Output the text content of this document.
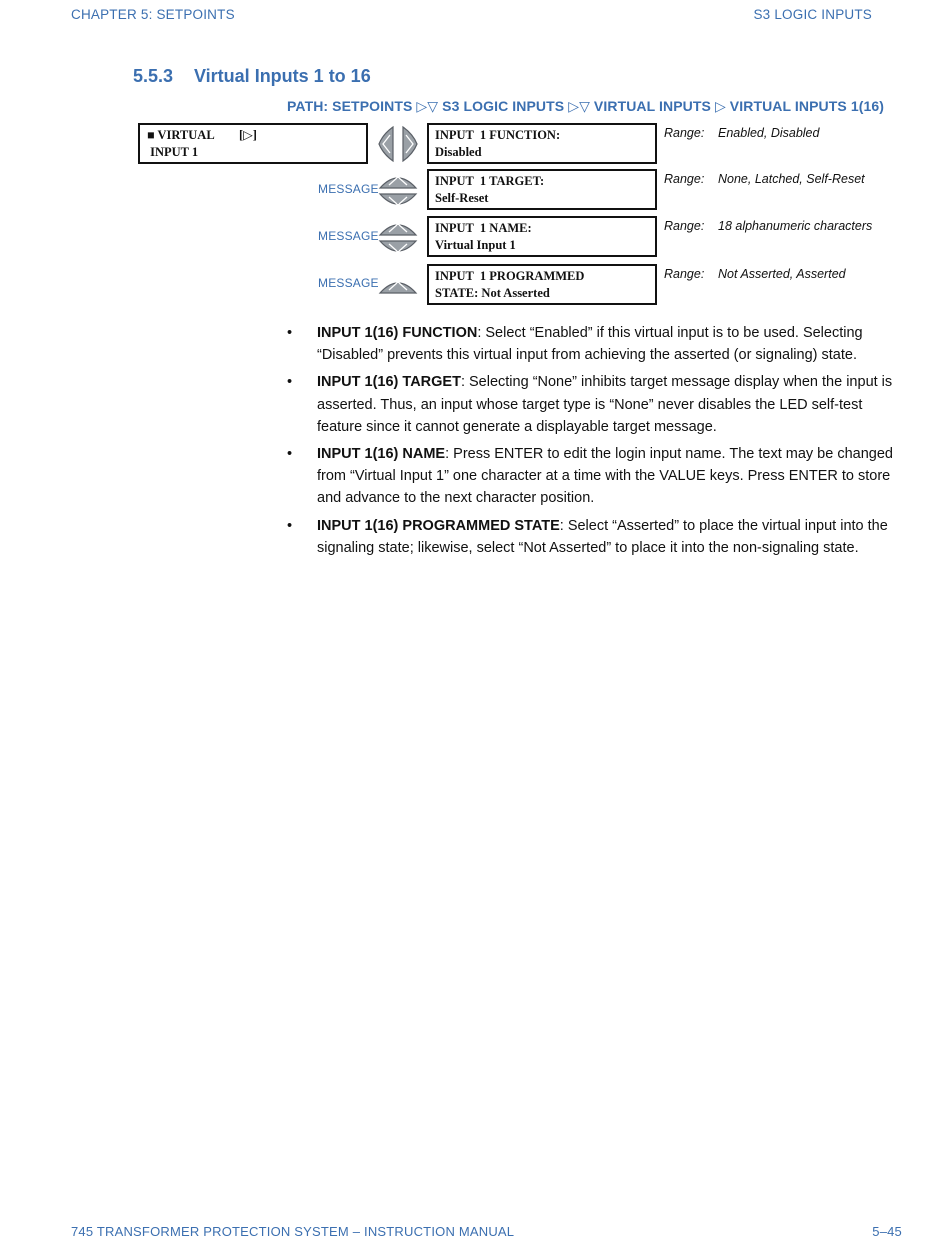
CHAPTER 5: SETPOINTS	S3 LOGIC INPUTS
5.5.3 Virtual Inputs 1 to 16
PATH: SETPOINTS ▷▽ S3 LOGIC INPUTS ▷▽ VIRTUAL INPUTS ▷ VIRTUAL INPUTS 1(16)
■ VIRTUAL        [▷]
INPUT 1
INPUT  1 FUNCTION:
Disabled
Range: Enabled, Disabled
MESSAGE
INPUT  1 TARGET:
Self-Reset
Range: None, Latched, Self-Reset
MESSAGE
INPUT  1 NAME:
Virtual Input 1
Range: 18 alphanumeric characters
MESSAGE	INPUT  1 PROGRAMMED
STATE: Not Asserted
Range: Not Asserted, Asserted
• INPUT 1(16) FUNCTION: Select “Enabled” if this virtual input is to be used. Selecting “Disabled” prevents this virtual input from achieving the asserted (or signaling) state.
• INPUT 1(16) TARGET: Selecting “None” inhibits target message display when the input is asserted. Thus, an input whose target type is “None” never disables the LED self-test feature since it cannot generate a displayable target message.
• INPUT 1(16) NAME: Press ENTER to edit the login input name. The text may be changed from “Virtual Input 1” one character at a time with the VALUE keys. Press ENTER to store and advance to the next character position.
• INPUT 1(16) PROGRAMMED STATE: Select “Asserted” to place the virtual input into the signaling state; likewise, select “Not Asserted” to place it into the non-signaling state.
745 TRANSFORMER PROTECTION SYSTEM – INSTRUCTION MANUAL	5–45
